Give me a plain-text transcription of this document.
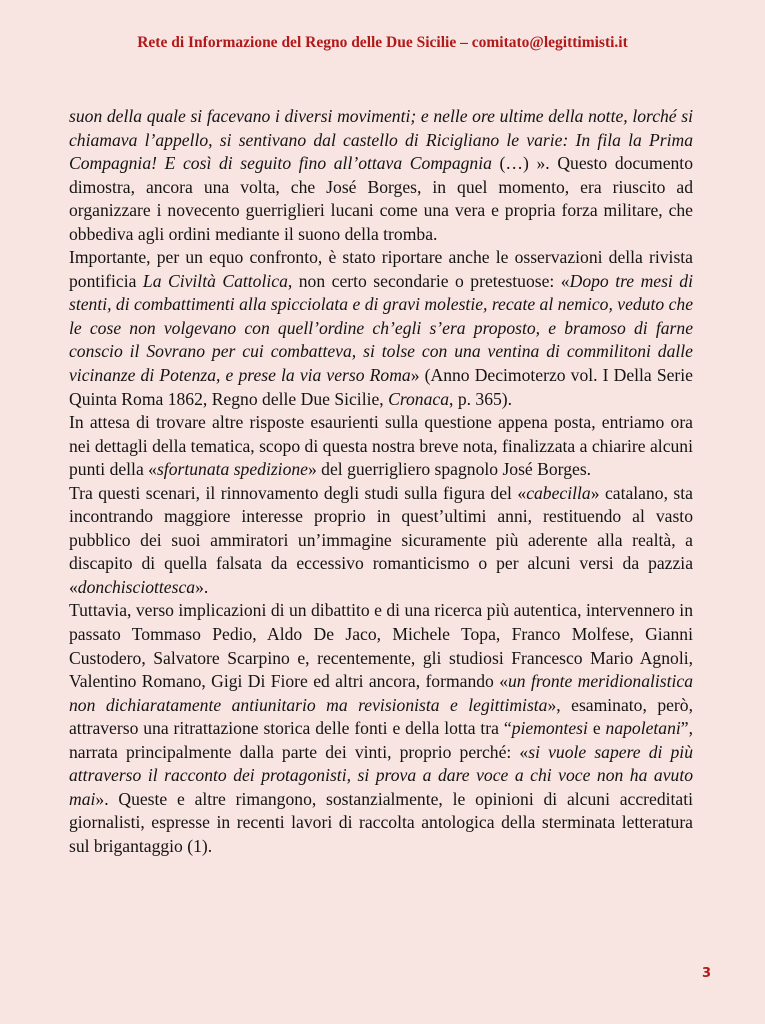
Rete di Informazione del Regno delle Due Sicilie – comitato@legittimisti.it

suon della quale si facevano i diversi movimenti; e nelle ore ultime della notte, lorché si chiamava l’appello, si sentivano dal castello di Ricigliano le varie: In fila la Prima Compagnia! E così di seguito fino all’ottava Compagnia (…) ». Questo documento dimostra, ancora una volta, che José Borges, in quel momento, era riuscito ad organizzare i novecento guerriglieri lucani come una vera e propria forza militare, che obbediva agli ordini mediante il suono della tromba.

Importante, per un equo confronto, è stato riportare anche le osservazioni della rivista pontificia La Civiltà Cattolica, non certo secondarie o pretestuose: «Dopo tre mesi di stenti, di combattimenti alla spicciolata e di gravi molestie, recate al nemico, veduto che le cose non volgevano con quell’ordine ch’egli s’era proposto, e bramoso di farne conscio il Sovrano per cui combatteva, si tolse con una ventina di commilitoni dalle vicinanze di Potenza, e prese la via verso Roma» (Anno Decimoterzo vol. I Della Serie Quinta Roma 1862, Regno delle Due Sicilie, Cronaca, p. 365).

In attesa di trovare altre risposte esaurienti sulla questione appena posta, entriamo ora nei dettagli della tematica, scopo di questa nostra breve nota, finalizzata a chiarire alcuni punti della «sfortunata spedizione» del guerrigliero spagnolo José Borges.

Tra questi scenari, il rinnovamento degli studi sulla figura del «cabecilla» catalano, sta incontrando maggiore interesse proprio in quest’ultimi anni, restituendo al vasto pubblico dei suoi ammiratori un’immagine sicuramente più aderente alla realtà, a discapito di quella falsata da eccessivo romanticismo o per alcuni versi da pazzia «donchisciottesca».

Tuttavia, verso implicazioni di un dibattito e di una ricerca più autentica, intervennero in passato Tommaso Pedio, Aldo De Jaco, Michele Topa, Franco Molfese, Gianni Custodero, Salvatore Scarpino e, recentemente, gli studiosi Francesco Mario Agnoli, Valentino Romano, Gigi Di Fiore ed altri ancora, formando «un fronte meridionalistica non dichiaratamente antiunitario ma revisionista e legittimista», esaminato, però, attraverso una ritrattazione storica delle fonti e della lotta tra “piemontesi e napoletani”, narrata principalmente dalla parte dei vinti, proprio perché: «si vuole sapere di più attraverso il racconto dei protagonisti, si prova a dare voce a chi voce non ha avuto mai». Queste e altre rimangono, sostanzialmente, le opinioni di alcuni accreditati giornalisti, espresse in recenti lavori di raccolta antologica della sterminata letteratura sul brigantaggio (1).

3
